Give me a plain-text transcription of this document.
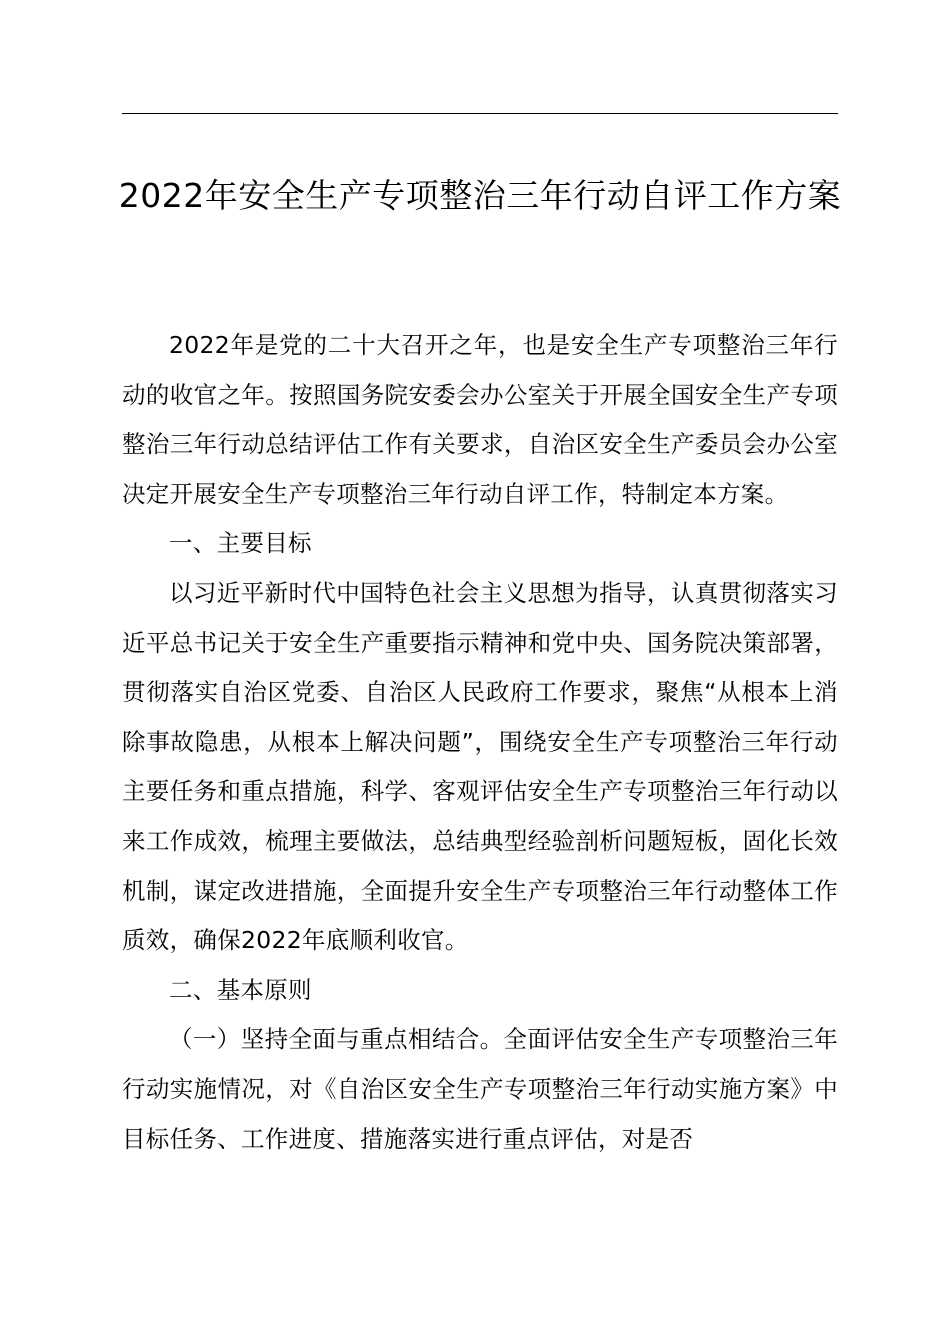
2022年安全生产专项整治三年行动自评工作方案

2022年是党的二十大召开之年，也是安全生产专项整治三年行动的收官之年。按照国务院安委会办公室关于开展全国安全生产专项整治三年行动总结评估工作有关要求，自治区安全生产委员会办公室决定开展安全生产专项整治三年行动自评工作，特制定本方案。

一、主要目标

以习近平新时代中国特色社会主义思想为指导，认真贯彻落实习近平总书记关于安全生产重要指示精神和党中央、国务院决策部署，贯彻落实自治区党委、自治区人民政府工作要求，聚焦“从根本上消除事故隐患，从根本上解决问题”，围绕安全生产专项整治三年行动主要任务和重点措施，科学、客观评估安全生产专项整治三年行动以来工作成效，梳理主要做法，总结典型经验剖析问题短板，固化长效机制，谋定改进措施，全面提升安全生产专项整治三年行动整体工作质效，确保2022年底顺利收官。

二、基本原则

（一）坚持全面与重点相结合。全面评估安全生产专项整治三年行动实施情况，对《自治区安全生产专项整治三年行动实施方案》中目标任务、工作进度、措施落实进行重点评估，对是否
